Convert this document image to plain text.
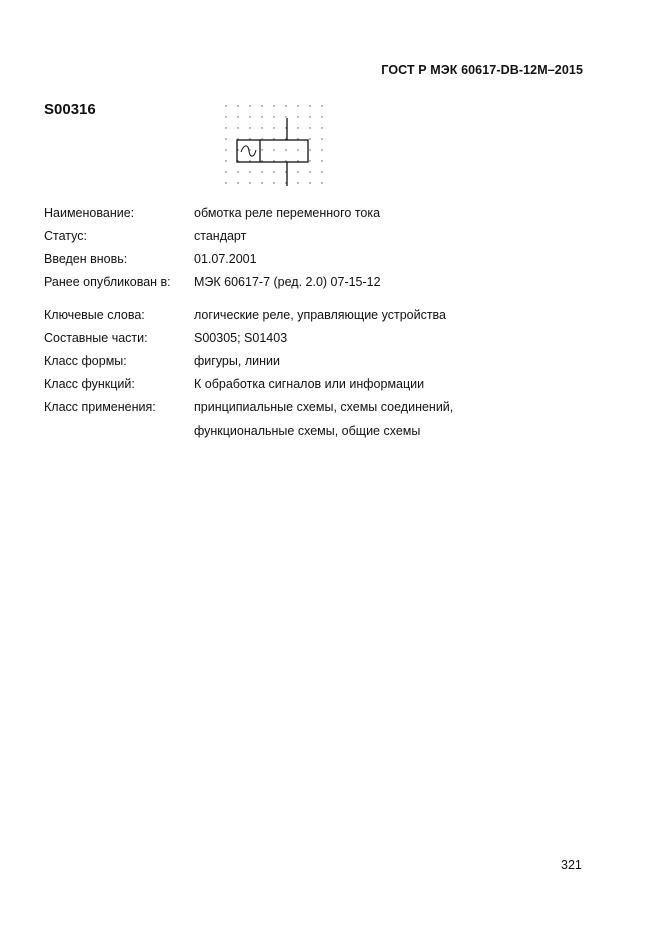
ГОСТ Р МЭК 60617-DB-12M–2015
S00316
Наименование:	обмотка реле переменного тока
Статус:	стандарт
Введен вновь:	01.07.2001
Ранее опубликован в: МЭК 60617-7 (ред. 2.0) 07-15-12
Ключевые слова:	логические реле, управляющие устройства
Составные части:	S00305; S01403
Класс формы:	фигуры, линии
Класс функций:	К обработка сигналов или информации
Класс применения:	принципиальные схемы, схемы соединений,
функциональные схемы, общие схемы
321
